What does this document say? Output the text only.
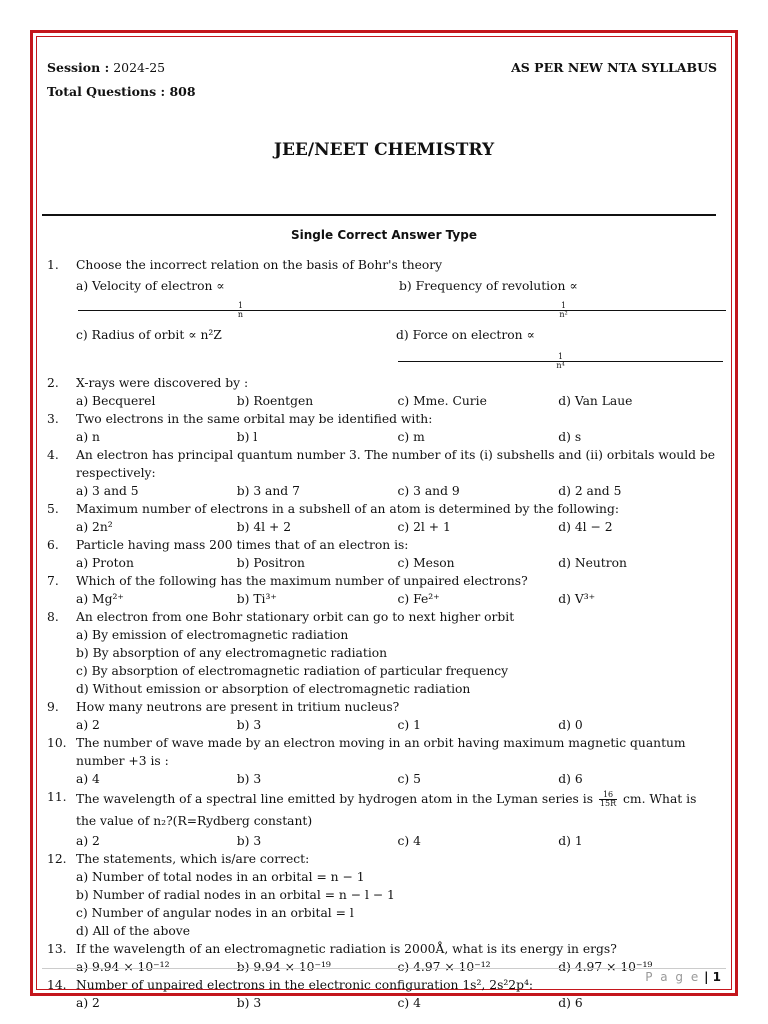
Session : 2024-25	AS PER NEW NTA SYLLABUS
Total Questions : 808
JEE/NEET CHEMISTRY
Single Correct Answer Type
1. Choose the incorrect relation on the basis of Bohr's theory
a) Velocity of electron ∝
$\frac{1}{n}$
b) Frequency of revolution ∝
$\frac{1}{\text{n²}}$
c) Radius of orbit ∝ n²Z	d) Force on electron ∝
$\frac{1}{\text{n⁴}}$
2. X-rays were discovered by :
a) Becquerel	b) Roentgen	c) Mme. Curie	d) Van Laue
3. Two electrons in the same orbital may be identified with:
a) n	b) l	c) m	d) s
4. An electron has principal quantum number 3. The number of its (i) subshells and (ii) orbitals would be respectively:
a) 3 and 5	b) 3 and 7	c) 3 and 9	d) 2 and 5
5. Maximum number of electrons in a subshell of an atom is determined by the following:
a) 2n²	b) 4l + 2	c) 2l + 1	d) 4l − 2
6. Particle having mass 200 times that of an electron is:
a) Proton	b) Positron	c) Meson	d) Neutron
7. Which of the following has the maximum number of unpaired electrons?
a) Mg²⁺	b) Ti³⁺	c) Fe²⁺	d) V³⁺
8. An electron from one Bohr stationary orbit can go to next higher orbit
a) By emission of electromagnetic radiation
b) By absorption of any electromagnetic radiation
c) By absorption of electromagnetic radiation of particular frequency
d) Without emission or absorption of electromagnetic radiation
9. How many neutrons are present in tritium nucleus?
a) 2	b) 3	c) 1	d) 0
10. The number of wave made by an electron moving in an orbit having maximum magnetic quantum number +3 is :
a) 4	b) 3	c) 5	d) 6
11. The wavelength of a spectral line emitted by hydrogen atom in the Lyman series is $\frac{16}{15R}$ cm. What is the value of n₂?(R=Rydberg constant)
a) 2	b) 3	c) 4	d) 1
12. The statements, which is/are correct:
a) Number of total nodes in an orbital = n − 1
b) Number of radial nodes in an orbital = n − l − 1
c) Number of angular nodes in an orbital = l
d) All of the above
13. If the wavelength of an electromagnetic radiation is 2000Å, what is its energy in ergs?
a) 9.94 × 10⁻¹²	b) 9.94 × 10⁻¹⁹	c) 4.97 × 10⁻¹²	d) 4.97 × 10⁻¹⁹
14. Number of unpaired electrons in the electronic configuration 1s², 2s²2p⁴:
a) 2	b) 3	c) 4	d) 6
P a g e | 1
